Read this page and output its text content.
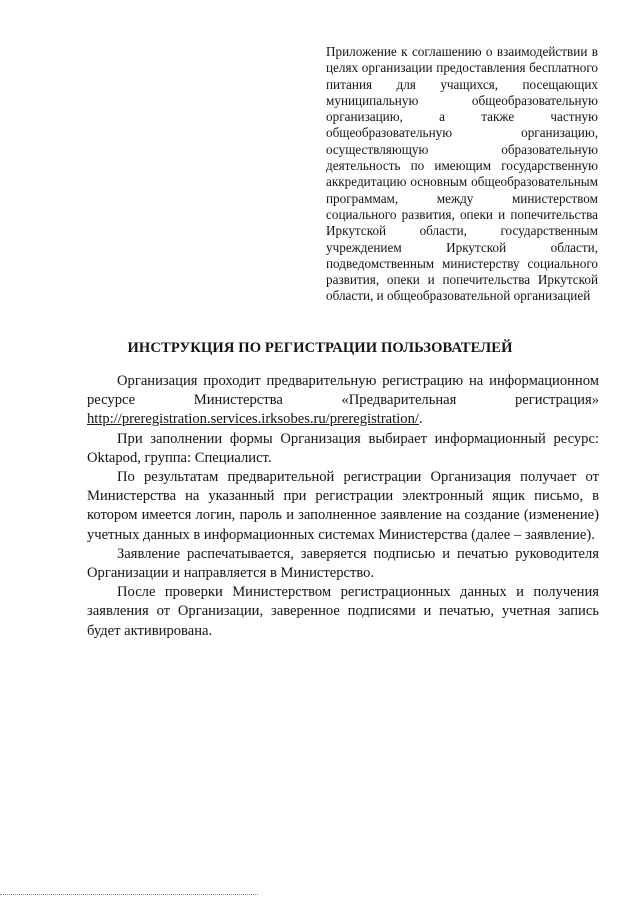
Приложение к соглашению о взаимодействии в целях организации предоставления бесплатного питания для учащихся, посещающих муниципальную общеобразовательную организацию, а также частную общеобразовательную организацию, осуществляющую образовательную деятельность по имеющим государственную аккредитацию основным общеобразовательным программам, между министерством социального развития, опеки и попечительства Иркутской области, государственным учреждением Иркутской области, подведомственным министерству социального развития, опеки и попечительства Иркутской области, и общеобразовательной организацией
ИНСТРУКЦИЯ ПО РЕГИСТРАЦИИ ПОЛЬЗОВАТЕЛЕЙ

Организация проходит предварительную регистрацию на информационном ресурсе Министерства «Предварительная регистрация» http://preregistration.services.irksobes.ru/preregistration/.

При заполнении формы Организация выбирает информационный ресурс: Oktapod, группа: Специалист.

По результатам предварительной регистрации Организация получает от Министерства на указанный при регистрации электронный ящик письмо, в котором имеется логин, пароль и заполненное заявление на создание (изменение) учетных данных в информационных системах Министерства (далее – заявление).

Заявление распечатывается, заверяется подписью и печатью руководителя Организации и направляется в Министерство.

После проверки Министерством регистрационных данных и получения заявления от Организации, заверенное подписями и печатью, учетная запись будет активирована.
